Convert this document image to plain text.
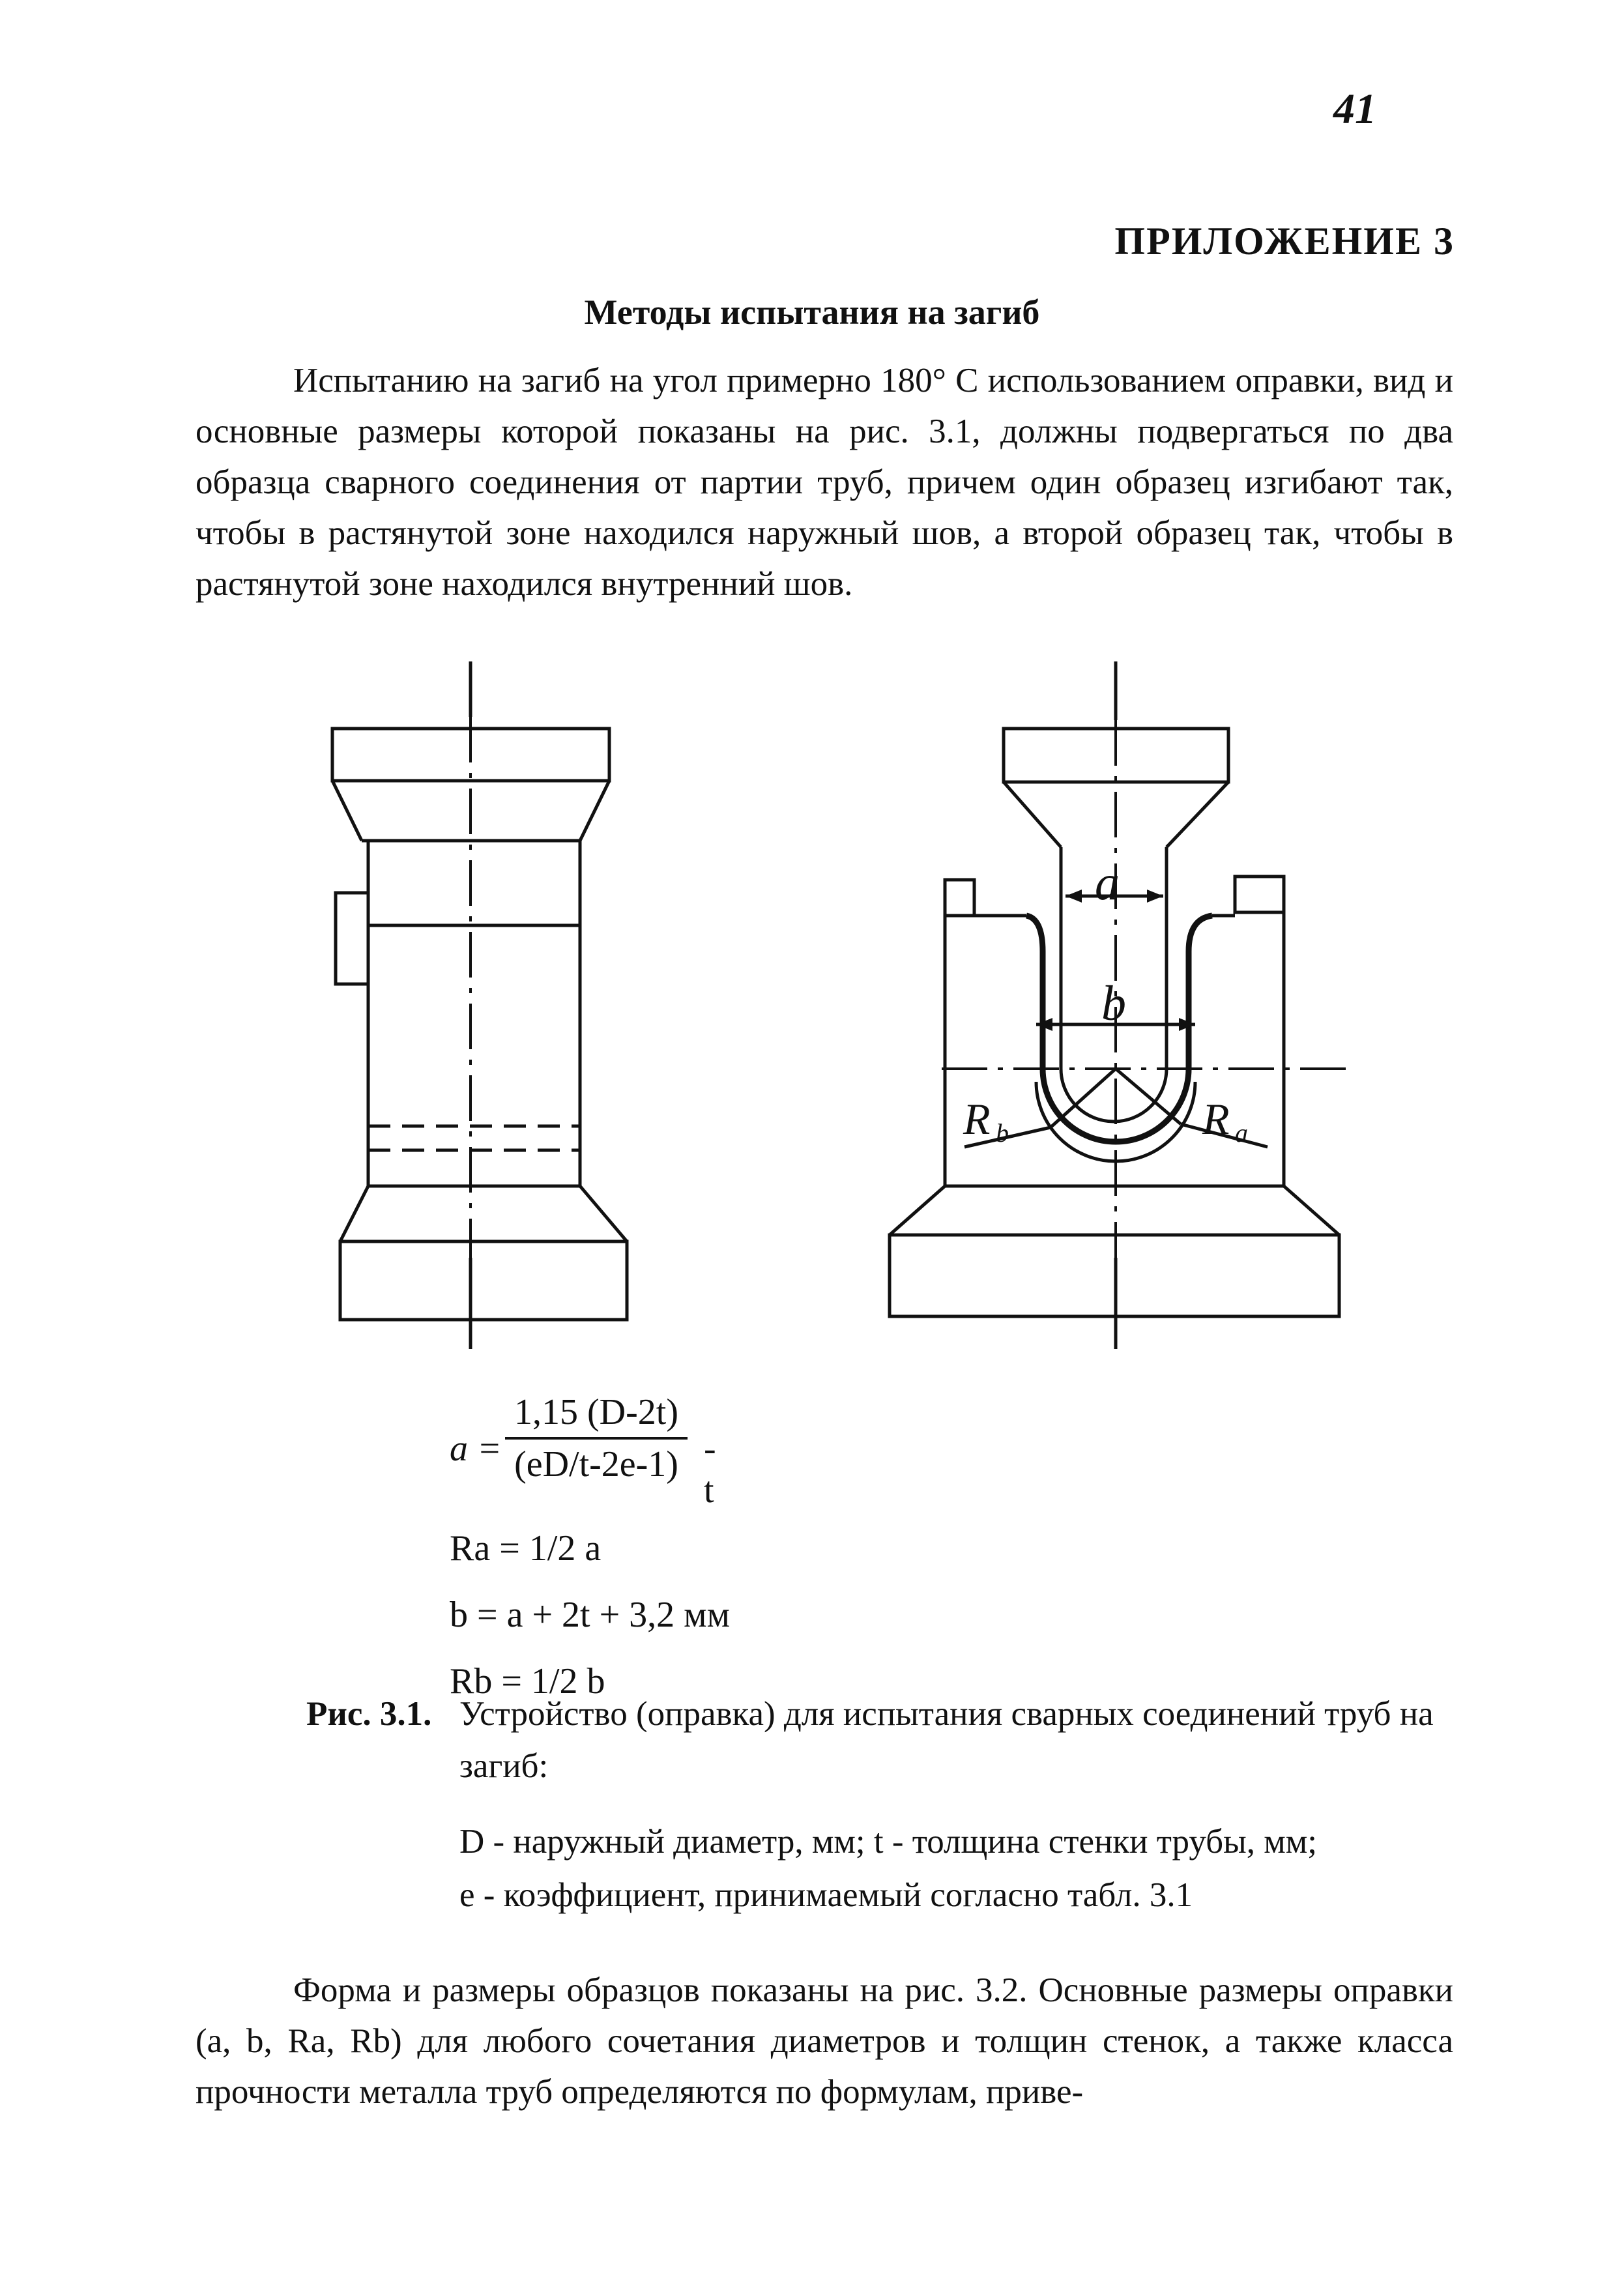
41
ПРИЛОЖЕНИЕ 3
Методы испытания на загиб
Испытанию на загиб на угол примерно 180° С использованием оправки, вид и основные размеры которой показаны на рис. 3.1, должны подвергаться по два образца сварного соединения от партии труб, причем один образец изгибают так, чтобы в растянутой зоне находился наружный шов, а второй образец так, чтобы в растянутой зоне находился внутренний шов.
a
b
R b	R a
$a = \frac{1,15 (D-2t)}{(eD/t-2e-1)} - t$
Ra = 1/2 a
b = a + 2t + 3,2 мм
Rb = 1/2 b
Рис. 3.1. Устройство (оправка) для испытания сварных соединений труб на загиб:
D - наружный диаметр, мм; t - толщина стенки трубы, мм;
e - коэффициент, принимаемый согласно табл. 3.1
Форма и размеры образцов показаны на рис. 3.2. Основные размеры оправки (a, b, Ra, Rb) для любого сочетания диаметров и толщин стенок, а также класса прочности металла труб определяются по формулам, приве-
